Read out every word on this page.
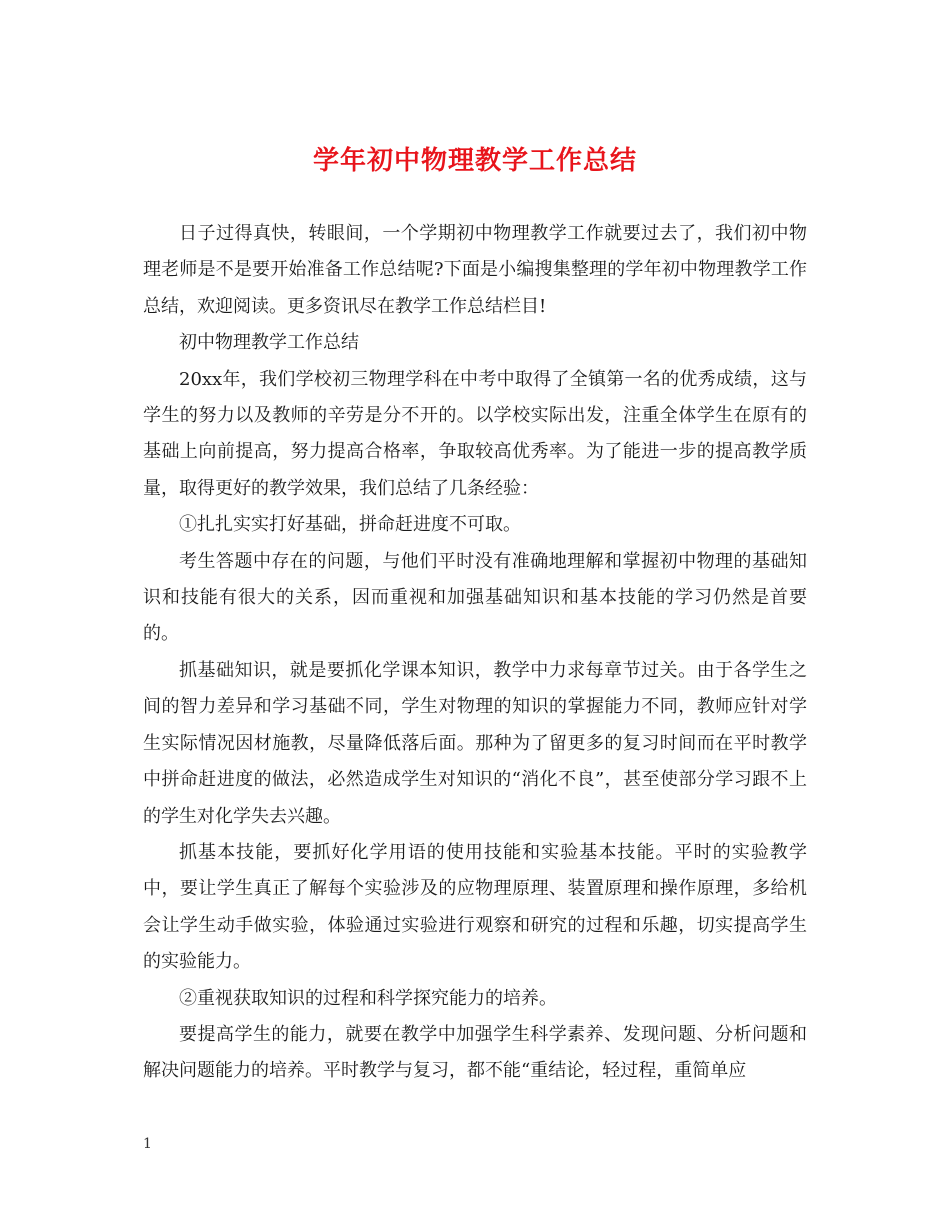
学年初中物理教学工作总结

日子过得真快，转眼间，一个学期初中物理教学工作就要过去了，我们初中物理老师是不是要开始准备工作总结呢?下面是小编搜集整理的学年初中物理教学工作总结，欢迎阅读。更多资讯尽在教学工作总结栏目!

初中物理教学工作总结

20xx年，我们学校初三物理学科在中考中取得了全镇第一名的优秀成绩，这与学生的努力以及教师的辛劳是分不开的。以学校实际出发，注重全体学生在原有的基础上向前提高，努力提高合格率，争取较高优秀率。为了能进一步的提高教学质量，取得更好的教学效果，我们总结了几条经验：

①扎扎实实打好基础，拼命赶进度不可取。

考生答题中存在的问题，与他们平时没有准确地理解和掌握初中物理的基础知识和技能有很大的关系，因而重视和加强基础知识和基本技能的学习仍然是首要的。

抓基础知识，就是要抓化学课本知识，教学中力求每章节过关。由于各学生之间的智力差异和学习基础不同，学生对物理的知识的掌握能力不同，教师应针对学生实际情况因材施教，尽量降低落后面。那种为了留更多的复习时间而在平时教学中拼命赶进度的做法，必然造成学生对知识的“消化不良”，甚至使部分学习跟不上的学生对化学失去兴趣。

抓基本技能，要抓好化学用语的使用技能和实验基本技能。平时的实验教学中，要让学生真正了解每个实验涉及的应物理原理、装置原理和操作原理，多给机会让学生动手做实验，体验通过实验进行观察和研究的过程和乐趣，切实提高学生的实验能力。

②重视获取知识的过程和科学探究能力的培养。

要提高学生的能力，就要在教学中加强学生科学素养、发现问题、分析问题和解决问题能力的培养。平时教学与复习，都不能“重结论，轻过程，重简单应

1
